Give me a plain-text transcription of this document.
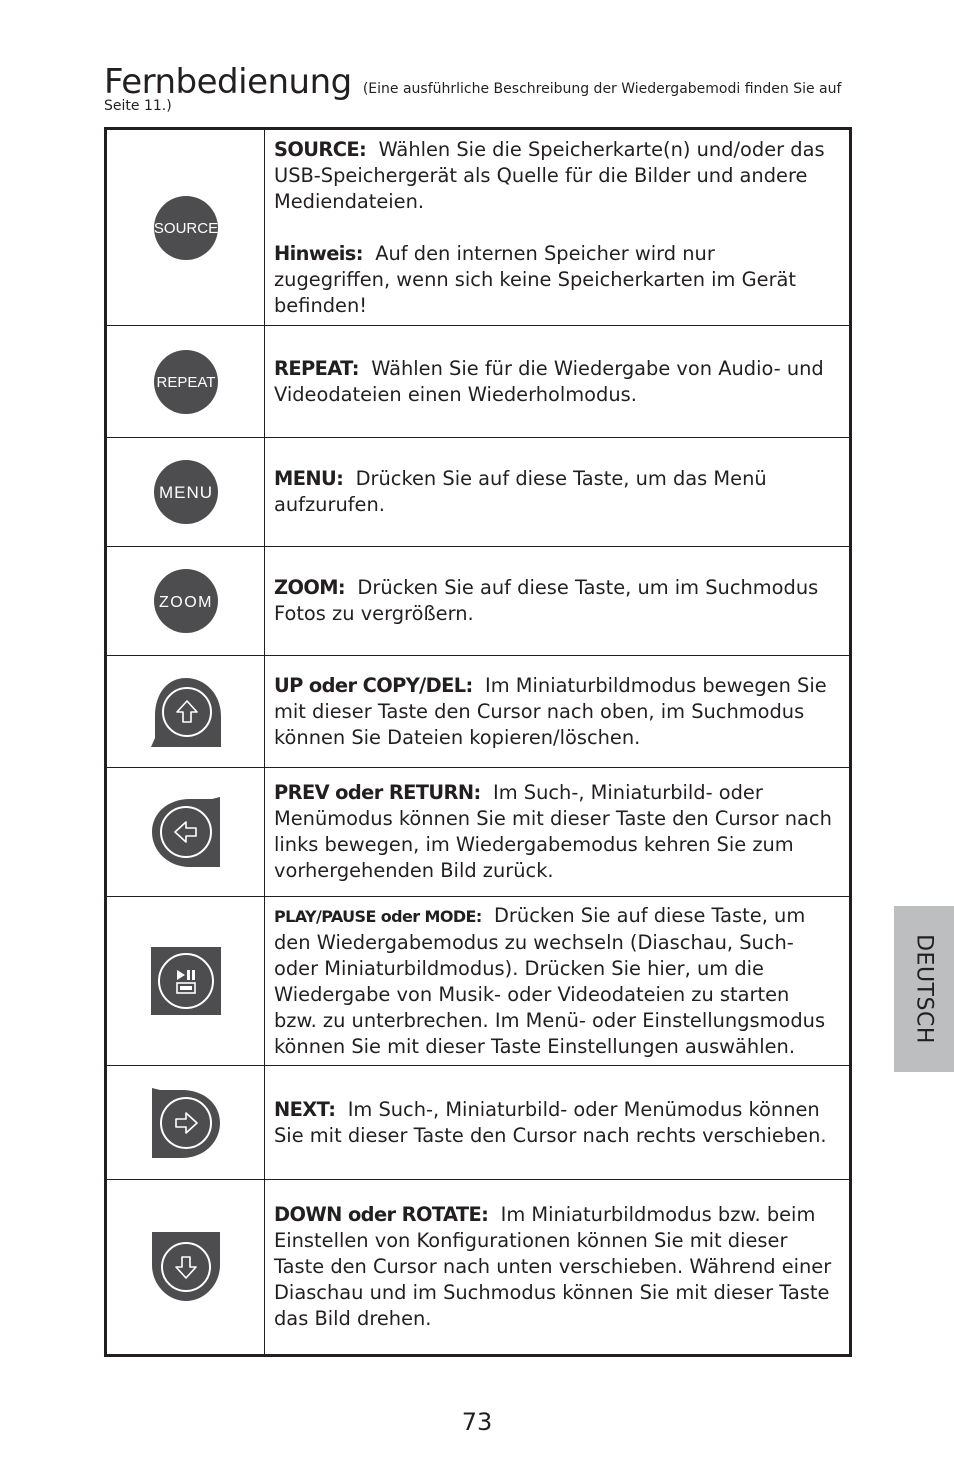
Fernbedienung (Eine ausführliche Beschreibung der Wiedergabemodi finden Sie auf
Seite 11.)
SOURCE	SOURCE: Wählen Sie die Speicherkarte(n) und/oder das USB-Speichergerät als Quelle für die Bilder und andere Mediendateien.
Hinweis: Auf den internen Speicher wird nur zugegriffen, wenn sich keine Speicherkarten im Gerät befinden!

REPEAT	REPEAT: Wählen Sie für die Wiedergabe von Audio- und Videodateien einen Wiederholmodus.

MENU	MENU: Drücken Sie auf diese Taste, um das Menü aufzurufen.

ZOOM	ZOOM: Drücken Sie auf diese Taste, um im Suchmodus Fotos zu vergrößern.

	UP oder COPY/DEL: Im Miniaturbildmodus bewegen Sie mit dieser Taste den Cursor nach oben, im Suchmodus können Sie Dateien kopieren/löschen.

	PREV oder RETURN: Im Such-, Miniaturbild- oder Menümodus können Sie mit dieser Taste den Cursor nach links bewegen, im Wiedergabemodus kehren Sie zum vorhergehenden Bild zurück.

	PLAY/PAUSE oder MODE: Drücken Sie auf diese Taste, um den Wiedergabemodus zu wechseln (Diaschau, Such- oder Miniaturbildmodus). Drücken Sie hier, um die Wiedergabe von Musik- oder Videodateien zu starten bzw. zu unterbrechen. Im Menü- oder Einstellungsmodus können Sie mit dieser Taste Einstellungen auswählen.

	NEXT: Im Such-, Miniaturbild- oder Menümodus können Sie mit dieser Taste den Cursor nach rechts verschieben.

	DOWN oder ROTATE: Im Miniaturbildmodus bzw. beim Einstellen von Konfigurationen können Sie mit dieser Taste den Cursor nach unten verschieben. Während einer Diaschau und im Suchmodus können Sie mit dieser Taste das Bild drehen.
DEUTSCH
73
